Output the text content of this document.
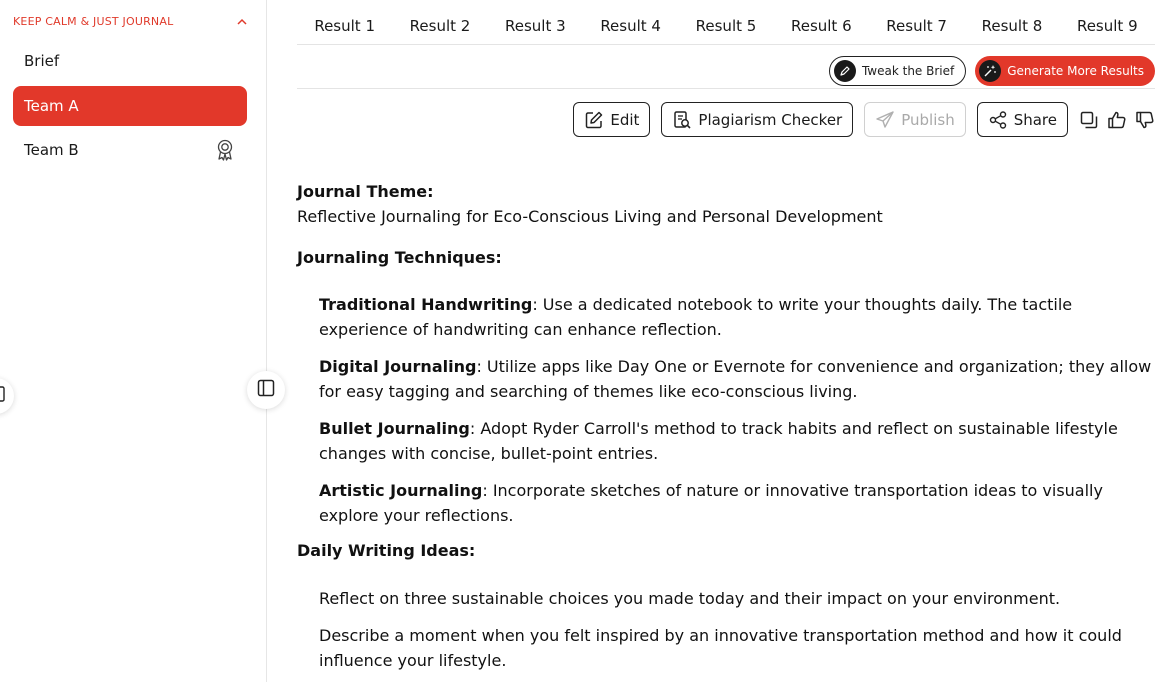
KEEP CALM & JUST JOURNAL
Brief
Team A
Team B
Result 1	Result 2	Result 3	Result 4	Result 5	Result 6	Result 7	Result 8	Result 9
Tweak the Brief	Generate More Results
Edit	Plagiarism Checker	Publish	Share
Journal Theme:
Reflective Journaling for Eco-Conscious Living and Personal Development
Journaling Techniques:
Traditional Handwriting: Use a dedicated notebook to write your thoughts daily. The tactile experience of handwriting can enhance reflection.
Digital Journaling: Utilize apps like Day One or Evernote for convenience and organization; they allow for easy tagging and searching of themes like eco-conscious living.
Bullet Journaling: Adopt Ryder Carroll's method to track habits and reflect on sustainable lifestyle changes with concise, bullet-point entries.
Artistic Journaling: Incorporate sketches of nature or innovative transportation ideas to visually explore your reflections.
Daily Writing Ideas:
Reflect on three sustainable choices you made today and their impact on your environment.
Describe a moment when you felt inspired by an innovative transportation method and how it could influence your lifestyle.
